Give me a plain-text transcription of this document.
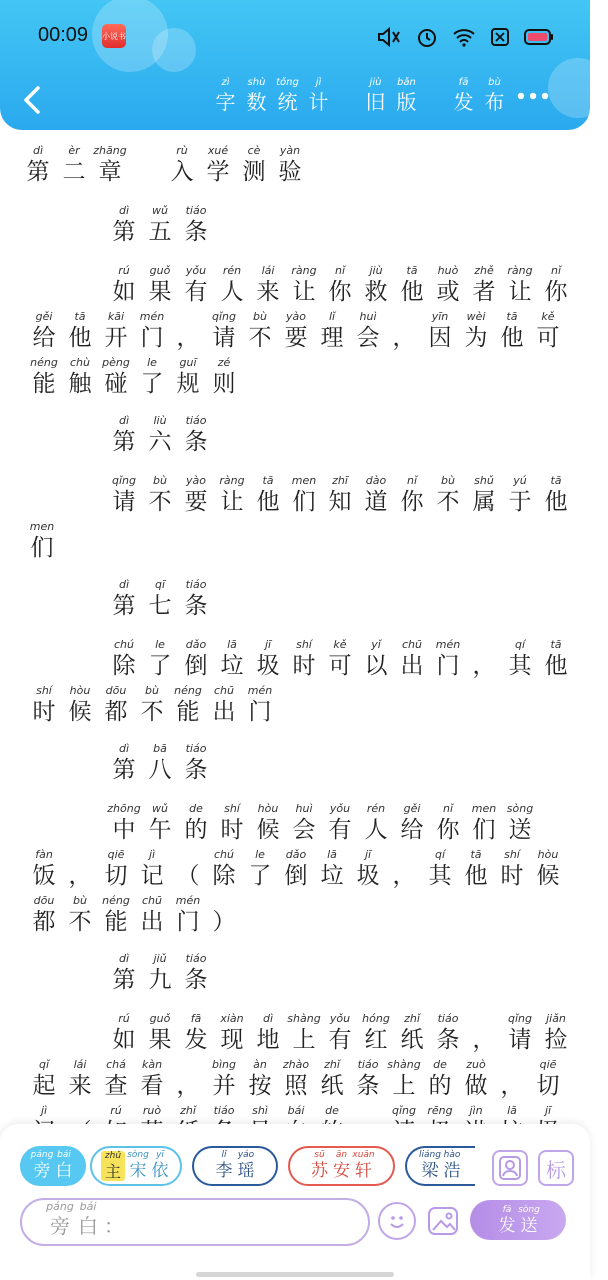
00:09 小说书
zì
字
shù
数
tǒng
统
jì
计
jiù
旧
bǎn
版
fā
发
bù
布
dì
第
èr
二
zhāng
章
rù
入
xué
学
cè
测
yàn
验
dì
第
wǔ
五
tiáo
条
rú
如
guǒ
果
yǒu
有
rén
人
lái
来
ràng
让
nǐ
你
jiù
救
tā
他
huò
或
zhě
者
ràng
让
nǐ
你
gěi
给
tā
他
kāi
开
mén
门 ，
qǐng
请
bù
不
yào
要
lǐ
理
huì
会 ，
yīn
因
wèi
为
tā
他
kě
可
néng
能
chù
触
pèng
碰
le
了
guī
规
zé
则
dì
第
liù
六
tiáo
条
qǐng
请
bù
不
yào
要
ràng
让
tā
他
men
们
zhī
知
dào
道
nǐ
你
bù
不
shǔ
属
yú
于
tā
他
men
们
dì
第
qī
七
tiáo
条
chú
除
le
了
dǎo
倒
lā
垃
jī
圾
shí
时
kě
可
yǐ
以
chū
出
mén
门 ，
qí
其
tā
他
shí
时
hòu
候
dōu
都
bù
不
néng
能
chū
出
mén
门
dì
第
bā
八
tiáo
条
zhōng
中
wǔ
午
de
的
shí
时
hòu
候
huì
会
yǒu
有
rén
人
gěi
给
nǐ
你
men
们
sòng
送
fàn
饭 ，
qiē
切
jì
记 （
chú
除
le
了
dǎo
倒
lā
垃
jī
圾 ，
qí
其
tā
他
shí
时
hòu
候
dōu
都
bù
不
néng
能
chū
出
mén
门 ）
dì
第
jiǔ
九
tiáo
条
rú
如
guǒ
果
fā
发
xiàn
现
dì
地
shàng
上
yǒu
有
hóng
红
zhǐ
纸
tiáo
条 ，
qǐng
请
jiǎn
捡
qǐ
起
lái
来
chá
查
kàn
看 ，
bìng
并
àn
按
zhào
照
zhǐ
纸
tiáo
条
shàng
上
de
的
zuò
做 ，
qiē
切
jì	rú ruò zhǐ tiáo shì bái de	qǐng rēng jìn lā	jī
páng
旁
bái
白
zhǔ
主
sòng
宋
yī
依
lǐ
李
yáo
瑶
sū
苏
ān
安
xuān
轩
liáng
梁
hào
浩	标
páng
旁
bái
白 ：
fā
发
sòng
送
